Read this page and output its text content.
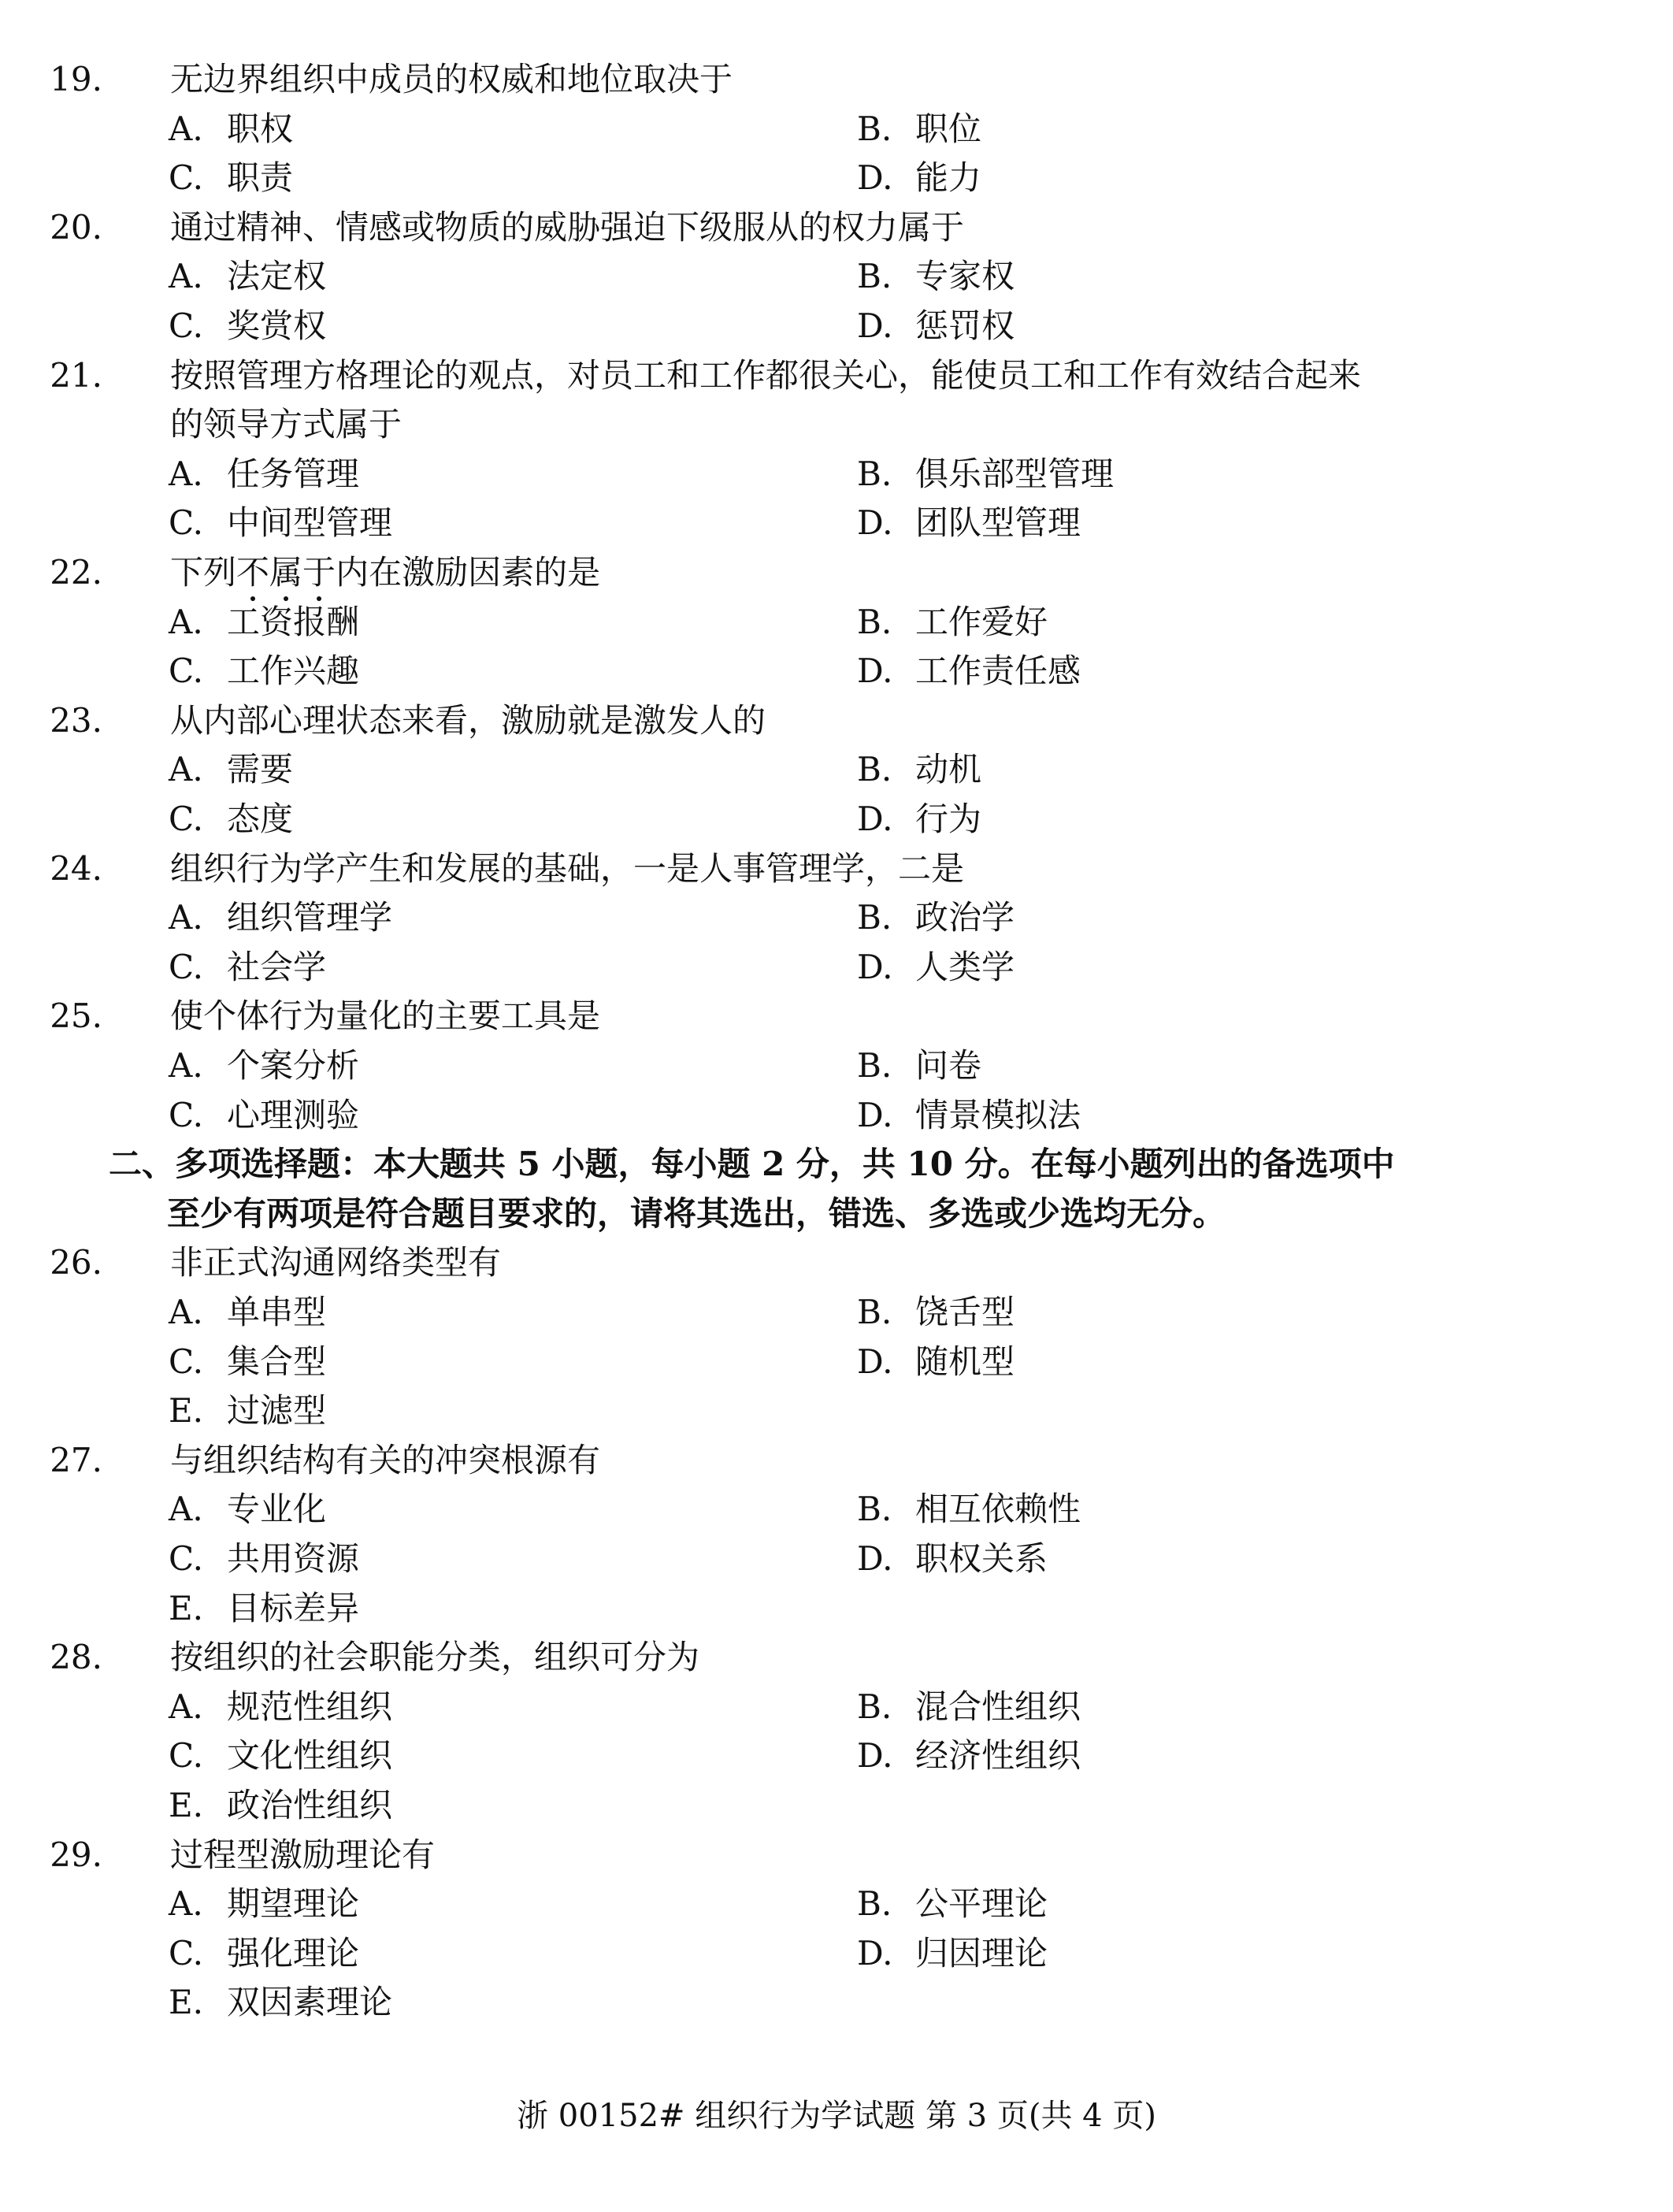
19. 无边界组织中成员的权威和地位取决于
A. 职权	B. 职位
C. 职责	D. 能力
20. 通过精神、情感或物质的威胁强迫下级服从的权力属于
A. 法定权	B. 专家权
C. 奖赏权	D. 惩罚权
21. 按照管理方格理论的观点，对员工和工作都很关心，能使员工和工作有效结合起来
的领导方式属于
A. 任务管理	B. 俱乐部型管理
C. 中间型管理	D. 团队型管理
22. 下列不属于内在激励因素的是
A. 工资报酬	B. 工作爱好
C. 工作兴趣	D. 工作责任感
23. 从内部心理状态来看，激励就是激发人的
A. 需要	B. 动机
C. 态度	D. 行为
24. 组织行为学产生和发展的基础，一是人事管理学，二是
A. 组织管理学	B. 政治学
C. 社会学	D. 人类学
25. 使个体行为量化的主要工具是
A. 个案分析	B. 问卷
C. 心理测验	D. 情景模拟法
二、多项选择题：本大题共 5 小题，每小题 2 分，共 10 分。在每小题列出的备选项中
至少有两项是符合题目要求的，请将其选出，错选、多选或少选均无分。
26. 非正式沟通网络类型有
A. 单串型	B. 饶舌型
C. 集合型	D. 随机型
E. 过滤型
27. 与组织结构有关的冲突根源有
A. 专业化	B. 相互依赖性
C. 共用资源	D. 职权关系
E. 目标差异
28. 按组织的社会职能分类，组织可分为
A. 规范性组织	B. 混合性组织
C. 文化性组织	D. 经济性组织
E. 政治性组织
29. 过程型激励理论有
A. 期望理论	B. 公平理论
C. 强化理论	D. 归因理论
E. 双因素理论
浙 00152# 组织行为学试题 第 3 页(共 4 页)
